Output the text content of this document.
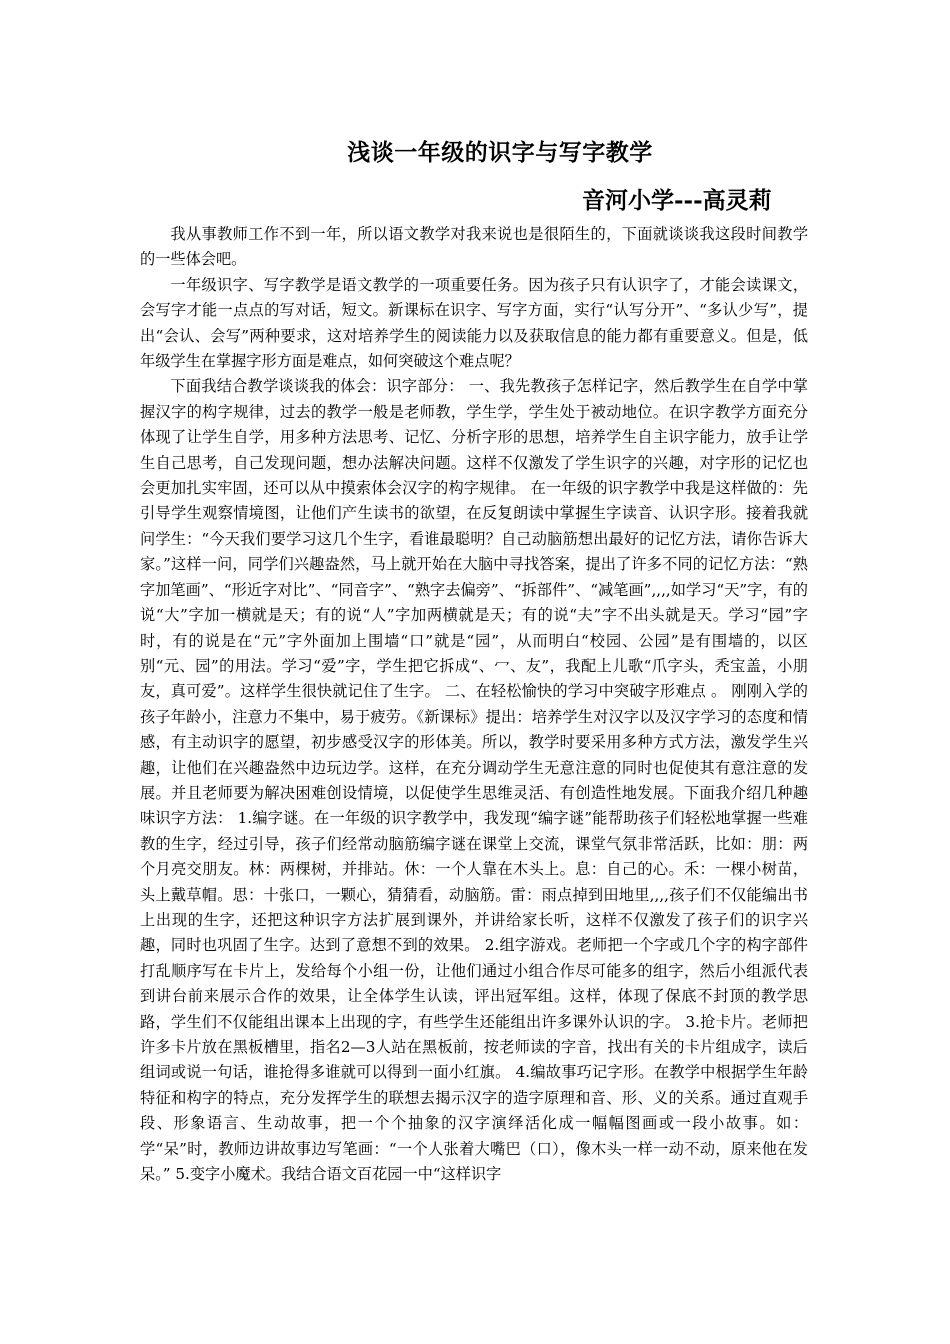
浅谈一年级的识字与写字教学
音河小学---高灵莉

我从事教师工作不到一年，所以语文教学对我来说也是很陌生的，下面就谈谈我这段时间教学的一些体会吧。

一年级识字、写字教学是语文教学的一项重要任务。因为孩子只有认识字了，才能会读课文，会写字才能一点点的写对话，短文。新课标在识字、写字方面，实行“认写分开”、“多认少写”，提出“会认、会写”两种要求，这对培养学生的阅读能力以及获取信息的能力都有重要意义。但是，低年级学生在掌握字形方面是难点，如何突破这个难点呢？

下面我结合教学谈谈我的体会：识字部分： 一、我先教孩子怎样记字，然后教学生在自学中掌握汉字的构字规律，过去的教学一般是老师教，学生学，学生处于被动地位。在识字教学方面充分体现了让学生自学，用多种方法思考、记忆、分析字形的思想，培养学生自主识字能力，放手让学生自己思考，自己发现问题，想办法解决问题。这样不仅激发了学生识字的兴趣，对字形的记忆也会更加扎实牢固，还可以从中摸索体会汉字的构字规律。 在一年级的识字教学中我是这样做的：先引导学生观察情境图，让他们产生读书的欲望，在反复朗读中掌握生字读音、认识字形。接着我就问学生：“今天我们要学习这几个生字，看谁最聪明？自己动脑筋想出最好的记忆方法，请你告诉大家。”这样一问，同学们兴趣盎然，马上就开始在大脑中寻找答案，提出了许多不同的记忆方法：“熟字加笔画”、“形近字对比”、“同音字”、“熟字去偏旁”、“拆部件”、“减笔画”,,,,如学习“天”字，有的说“大”字加一横就是天；有的说“人”字加两横就是天；有的说“夫”字不出头就是天。学习“园”字时，有的说是在“元”字外面加上围墙“口”就是“园”，从而明白“校园、公园”是有围墙的，以区别“元、园”的用法。学习“爱”字，学生把它拆成“、冖、友”，我配上儿歌“爪字头，秃宝盖，小朋友，真可爱”。这样学生很快就记住了生字。 二、在轻松愉快的学习中突破字形难点 。 刚刚入学的孩子年龄小，注意力不集中，易于疲劳。《新课标》提出：培养学生对汉字以及汉字学习的态度和情感，有主动识字的愿望，初步感受汉字的形体美。所以，教学时要采用多种方式方法，激发学生兴趣，让他们在兴趣盎然中边玩边学。这样，在充分调动学生无意注意的同时也促使其有意注意的发展。并且老师要为解决困难创设情境，以促使学生思维灵活、有创造性地发展。下面我介绍几种趣味识字方法： 1.编字谜。在一年级的识字教学中，我发现“编字谜”能帮助孩子们轻松地掌握一些难教的生字，经过引导，孩子们经常动脑筋编字谜在课堂上交流，课堂气氛非常活跃，比如：朋：两个月亮交朋友。林：两棵树，并排站。休：一个人靠在木头上。息：自己的心。禾：一棵小树苗，头上戴草帽。思：十张口，一颗心，猜猜看，动脑筋。雷：雨点掉到田地里,,,,孩子们不仅能编出书上出现的生字，还把这种识字方法扩展到课外，并讲给家长听，这样不仅激发了孩子们的识字兴趣，同时也巩固了生字。达到了意想不到的效果。 2.组字游戏。老师把一个字或几个字的构字部件打乱顺序写在卡片上，发给每个小组一份，让他们通过小组合作尽可能多的组字，然后小组派代表到讲台前来展示合作的效果，让全体学生认读，评出冠军组。这样，体现了保底不封顶的教学思路，学生们不仅能组出课本上出现的字，有些学生还能组出许多课外认识的字。 3.抢卡片。老师把许多卡片放在黑板槽里，指名2—3人站在黑板前，按老师读的字音，找出有关的卡片组成字，读后组词或说一句话，谁抢得多谁就可以得到一面小红旗。 4.编故事巧记字形。在教学中根据学生年龄特征和构字的特点，充分发挥学生的联想去揭示汉字的造字原理和音、形、义的关系。通过直观手段、形象语言、生动故事，把一个个抽象的汉字演绎活化成一幅幅图画或一段小故事。如：学“呆”时，教师边讲故事边写笔画：“一个人张着大嘴巴（口），像木头一样一动不动，原来他在发呆。” 5.变字小魔术。我结合语文百花园一中“这样识字
